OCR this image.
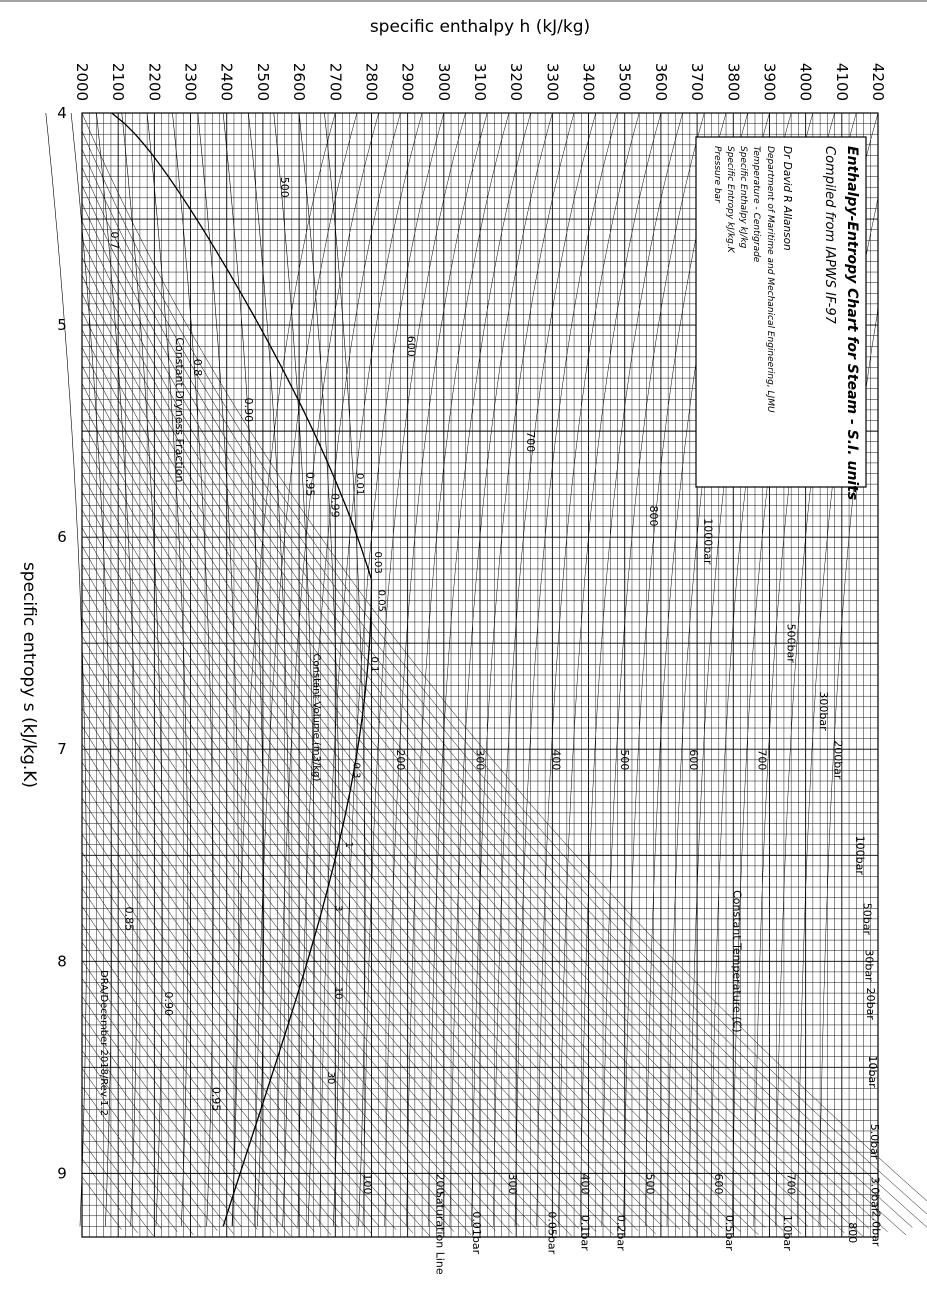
2000 2100 2200 2300 2400 2500 2600 2700 2800 2900 3000 3100 3200 3300 3400 3500 3600 3700 3800 3900 4000 4100 4200
4
5
6
7
8
9
1000bar
500bar
300bar
200bar
100bar
50bar
30bar
20bar
10bar
5.0bar
3.0bar
2.0bar
800
1.0bar
0.5bar
0.2bar
0.1bar
0.05bar
0.01bar
Saturation Line
500
600
700
800
200	300	400	500	600	700
100	200	300	400	500	600	700
Constant Temperature (C)
0.7
0.8
0.90
0.95
0.99
0.85
0.90
0.95
Constant Dryness Fraction
0.01
0.03
0.05
0.1
0.3
1
3
10
30
Constant Volume (m3/kg)
specific enthalpy h (kJ/kg)
specific entropy s (kJ/kg.K)
Enthalpy-Entropy Chart for Steam - S.I. units
Compiled from IAPWS IF-97
Dr David R Allanson
Department of Maritime and Mechanical Engineering, LJMU
Temperature - Centigrade
Specific Enthalpy kJ/kg
Specific Entropy kJ/kg.K
Pressure bar
DRA/December 2018/Rev 1.2
